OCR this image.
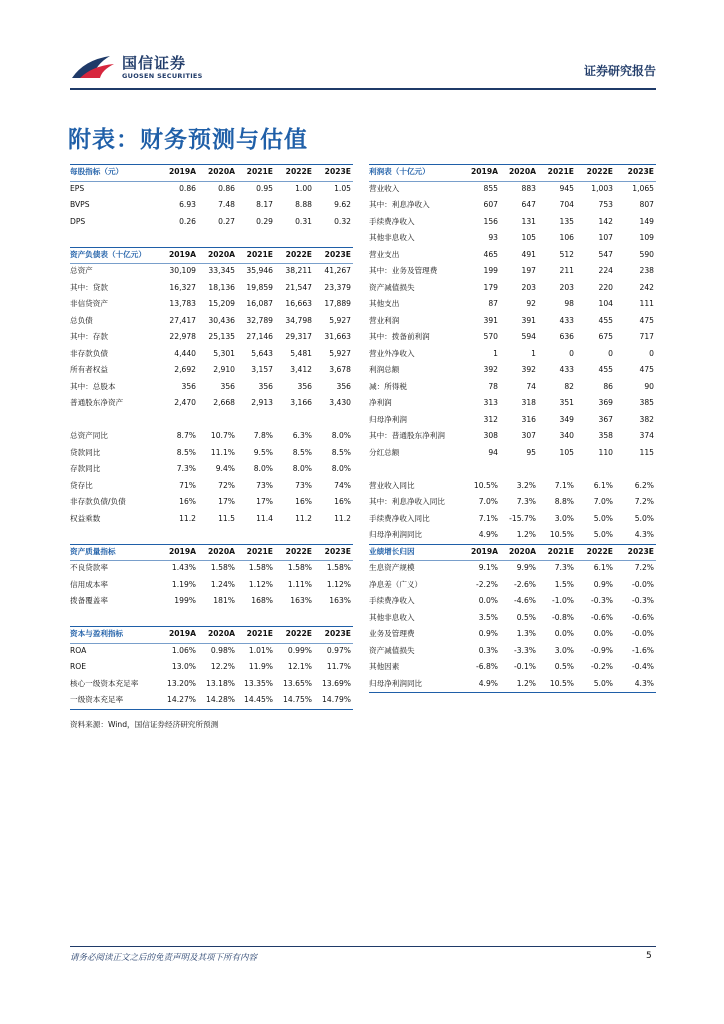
国信证券
GUOSEN SECURITIES	证券研究报告
附表：财务预测与估值
每股指标（元）	2019A 2020A 2021E 2022E 2023E
EPS	0.86	0.86	0.95	1.00	1.05
BVPS	6.93	7.48	8.17	8.88	9.62
DPS	0.26	0.27	0.29	0.31	0.32
资产负债表（十亿元）	2019A 2020A 2021E 2022E 2023E
总资产	30,109 33,345 35,946 38,211 41,267
其中：贷款	16,327 18,136 19,859 21,547 23,379
非信贷资产	13,783 15,209 16,087 16,663 17,889
总负债	27,417 30,436 32,789 34,798 5,927
其中：存款	22,978 25,135 27,146 29,317 31,663
非存款负债	4,440 5,301 5,643 5,481 5,927
所有者权益	2,692 2,910 3,157 3,412 3,678
其中：总股本	356	356	356	356	356
普通股东净资产	2,470 2,668 2,913 3,166 3,430
总资产同比	8.7% 10.7% 7.8%	6.3%	8.0%
贷款同比	8.5% 11.1% 9.5%	8.5%	8.5%
存款同比	7.3%	9.4% 8.0%	8.0%	8.0%
贷存比	71%	72%	73%	73%	74%
非存款负债/负债	16%	17%	17%	16%	16%
权益乘数	11.2	11.5	11.4	11.2	11.2
资产质量指标	2019A 2020A 2021E 2022E 2023E
不良贷款率	1.43% 1.58% 1.58% 1.58% 1.58%
信用成本率	1.19% 1.24% 1.12% 1.11% 1.12%
拨备覆盖率	199% 181% 168% 163% 163%
资本与盈利指标	2019A 2020A 2021E 2022E 2023E
ROA	1.06% 0.98% 1.01% 0.99% 0.97%
ROE	13.0% 12.2% 11.9% 12.1% 11.7%
核心一级资本充足率	13.20% 13.18% 13.35% 13.65% 13.69%
一级资本充足率	14.27% 14.28% 14.45% 14.75% 14.79%
利润表（十亿元）	2019A 2020A 2021E 2022E 2023E
营业收入	855	883	945 1,003	1,065
其中：利息净收入	607	647	704	753	807
手续费净收入	156	131	135	142	149
其他非息收入	93	105	106	107	109
营业支出	465	491	512	547	590
其中：业务及管理费	199	197	211	224	238
资产减值损失	179	203	203	220	242
其他支出	87	92	98	104	111
营业利润	391	391	433	455	475
其中：拨备前利润	570	594	636	675	717
营业外净收入	1	1	0	0	0
利润总额	392	392	433	455	475
减：所得税	78	74	82	86	90
净利润	313	318	351	369	385
归母净利润	312	316	349	367	382
其中：普通股东净利润	308	307	340	358	374
分红总额	94	95	105	110	115
营业收入同比	10.5% 3.2% 7.1%	6.1%	6.2%
其中：利息净收入同比	7.0% 7.3% 8.8%	7.0%	7.2%
手续费净收入同比	7.1% -15.7% 3.0%	5.0%	5.0%
归母净利润同比	4.9% 1.2% 10.5%	5.0%	4.3%
业绩增长归因	2019A 2020A 2021E 2022E 2023E
生息资产规模	9.1% 9.9% 7.3%	6.1%	7.2%
净息差（广义）	-2.2% -2.6% 1.5%	0.9% -0.0%
手续费净收入	0.0% -4.6% -1.0% -0.3% -0.3%
其他非息收入	3.5% 0.5% -0.8% -0.6% -0.6%
业务及管理费	0.9% 1.3% 0.0%	0.0% -0.0%
资产减值损失	0.3% -3.3% 3.0% -0.9% -1.6%
其他因素	-6.8% -0.1% 0.5% -0.2% -0.4%
归母净利润同比	4.9% 1.2% 10.5%	5.0%	4.3%
资料来源：Wind，国信证券经济研究所预测
请务必阅读正文之后的免责声明及其项下所有内容	5
